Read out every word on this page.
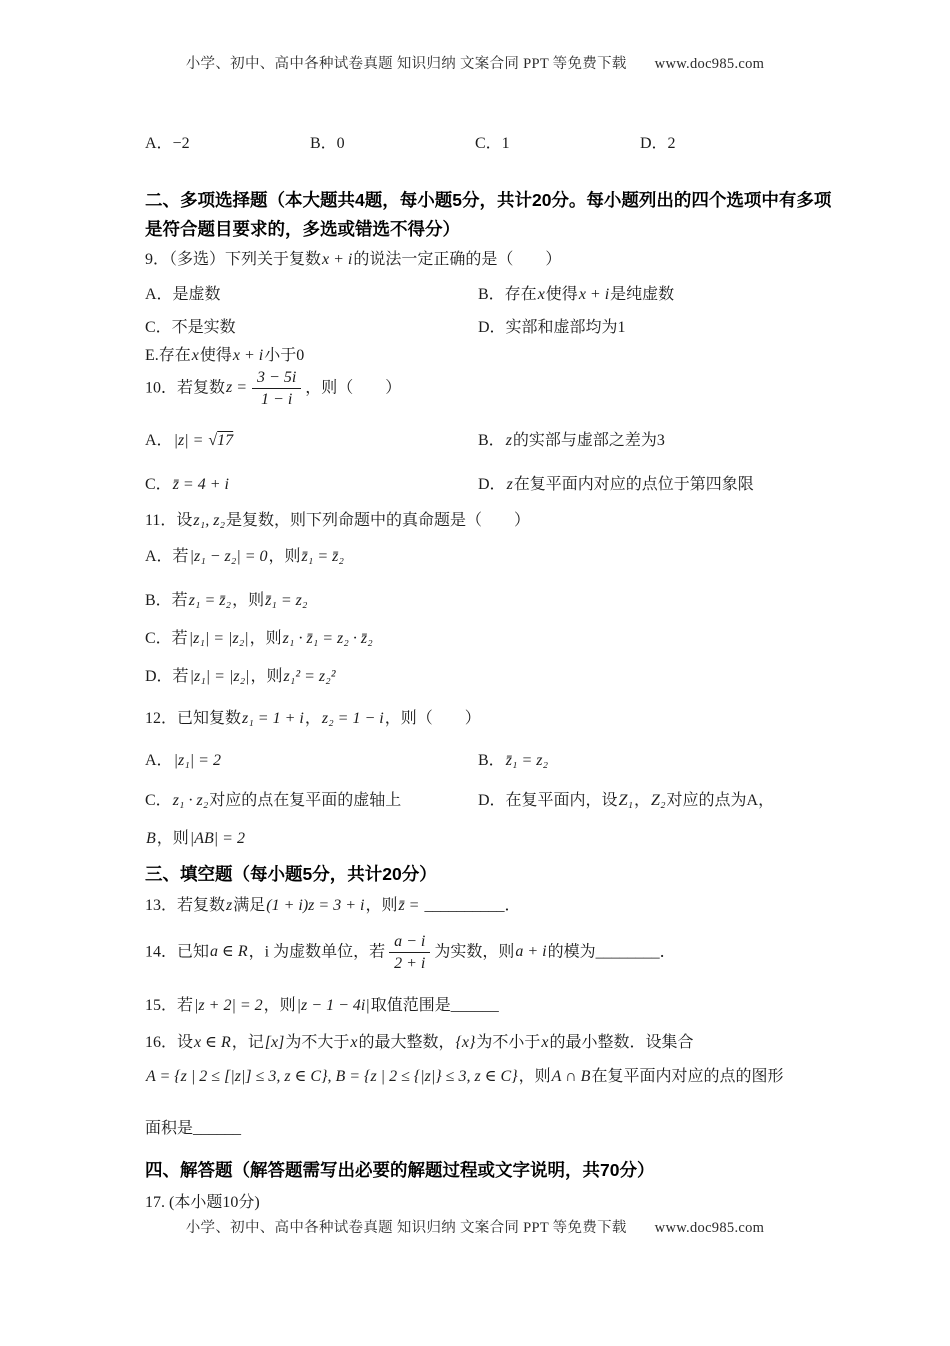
小学、初中、高中各种试卷真题 知识归纳 文案合同 PPT 等免费下载 www.doc985.com
A．−2	B．0	C．1	D．2
二、多项选择题（本大题共4题，每小题5分，共计20分。每小题列出的四个选项中有多项是符合题目要求的，多选或错选不得分）
9．（多选）下列关于复数x + i的说法一定正确的是（　　）
A．是虚数	B．存在x使得x + i是纯虚数
C．不是实数	D．实部和虚部均为1
E.存在x使得x + i小于0
10．若复数$z = \frac{3 - 5i}{1 - i}$ ，则（　　）
A．|z| = √17	B．z的实部与虚部之差为3
C．z̄ = 4 + i	D．z在复平面内对应的点位于第四象限
11．设z₁, z₂是复数，则下列命题中的真命题是（　　）
A．若|z₁ − z₂| = 0，则z̄₁ = z̄₂
B．若z₁ = z̄₂，则z̄₁ = z₂
C．若|z₁| = |z₂|，则z₁ · z̄₁ = z₂ · z̄₂
D．若|z₁| = |z₂|，则z₁² = z₂²
12．已知复数z₁ = 1 + i，z₂ = 1 − i，则（　　）
A．|z₁| = 2	B．z̄₁ = z₂
C．z₁ · z₂对应的点在复平面的虚轴上	D．在复平面内，设Z₁，Z₂对应的点为A，
B，则|AB| = 2
三、填空题（每小题5分，共计20分）
13．若复数z满足(1 + i)z = 3 + i，则z̄ = __________．
14．已知a ∈ R，i 为虚数单位，若 $\frac{a - i}{2 + i}$ 为实数，则a + i的模为________．
15．若|z + 2| = 2，则|z − 1 − 4i|取值范围是______
16．设x ∈ R，记[x]为不大于x的最大整数，{x}为不小于x的最小整数．设集合
A = {z | 2 ≤ [|z|] ≤ 3, z ∈ C}, B = {z | 2 ≤ {|z|} ≤ 3, z ∈ C}，则A ∩ B在复平面内对应的点的图形
面积是______
四、解答题（解答题需写出必要的解题过程或文字说明，共70分）
17. (本小题10分)
小学、初中、高中各种试卷真题 知识归纳 文案合同 PPT 等免费下载 www.doc985.com
